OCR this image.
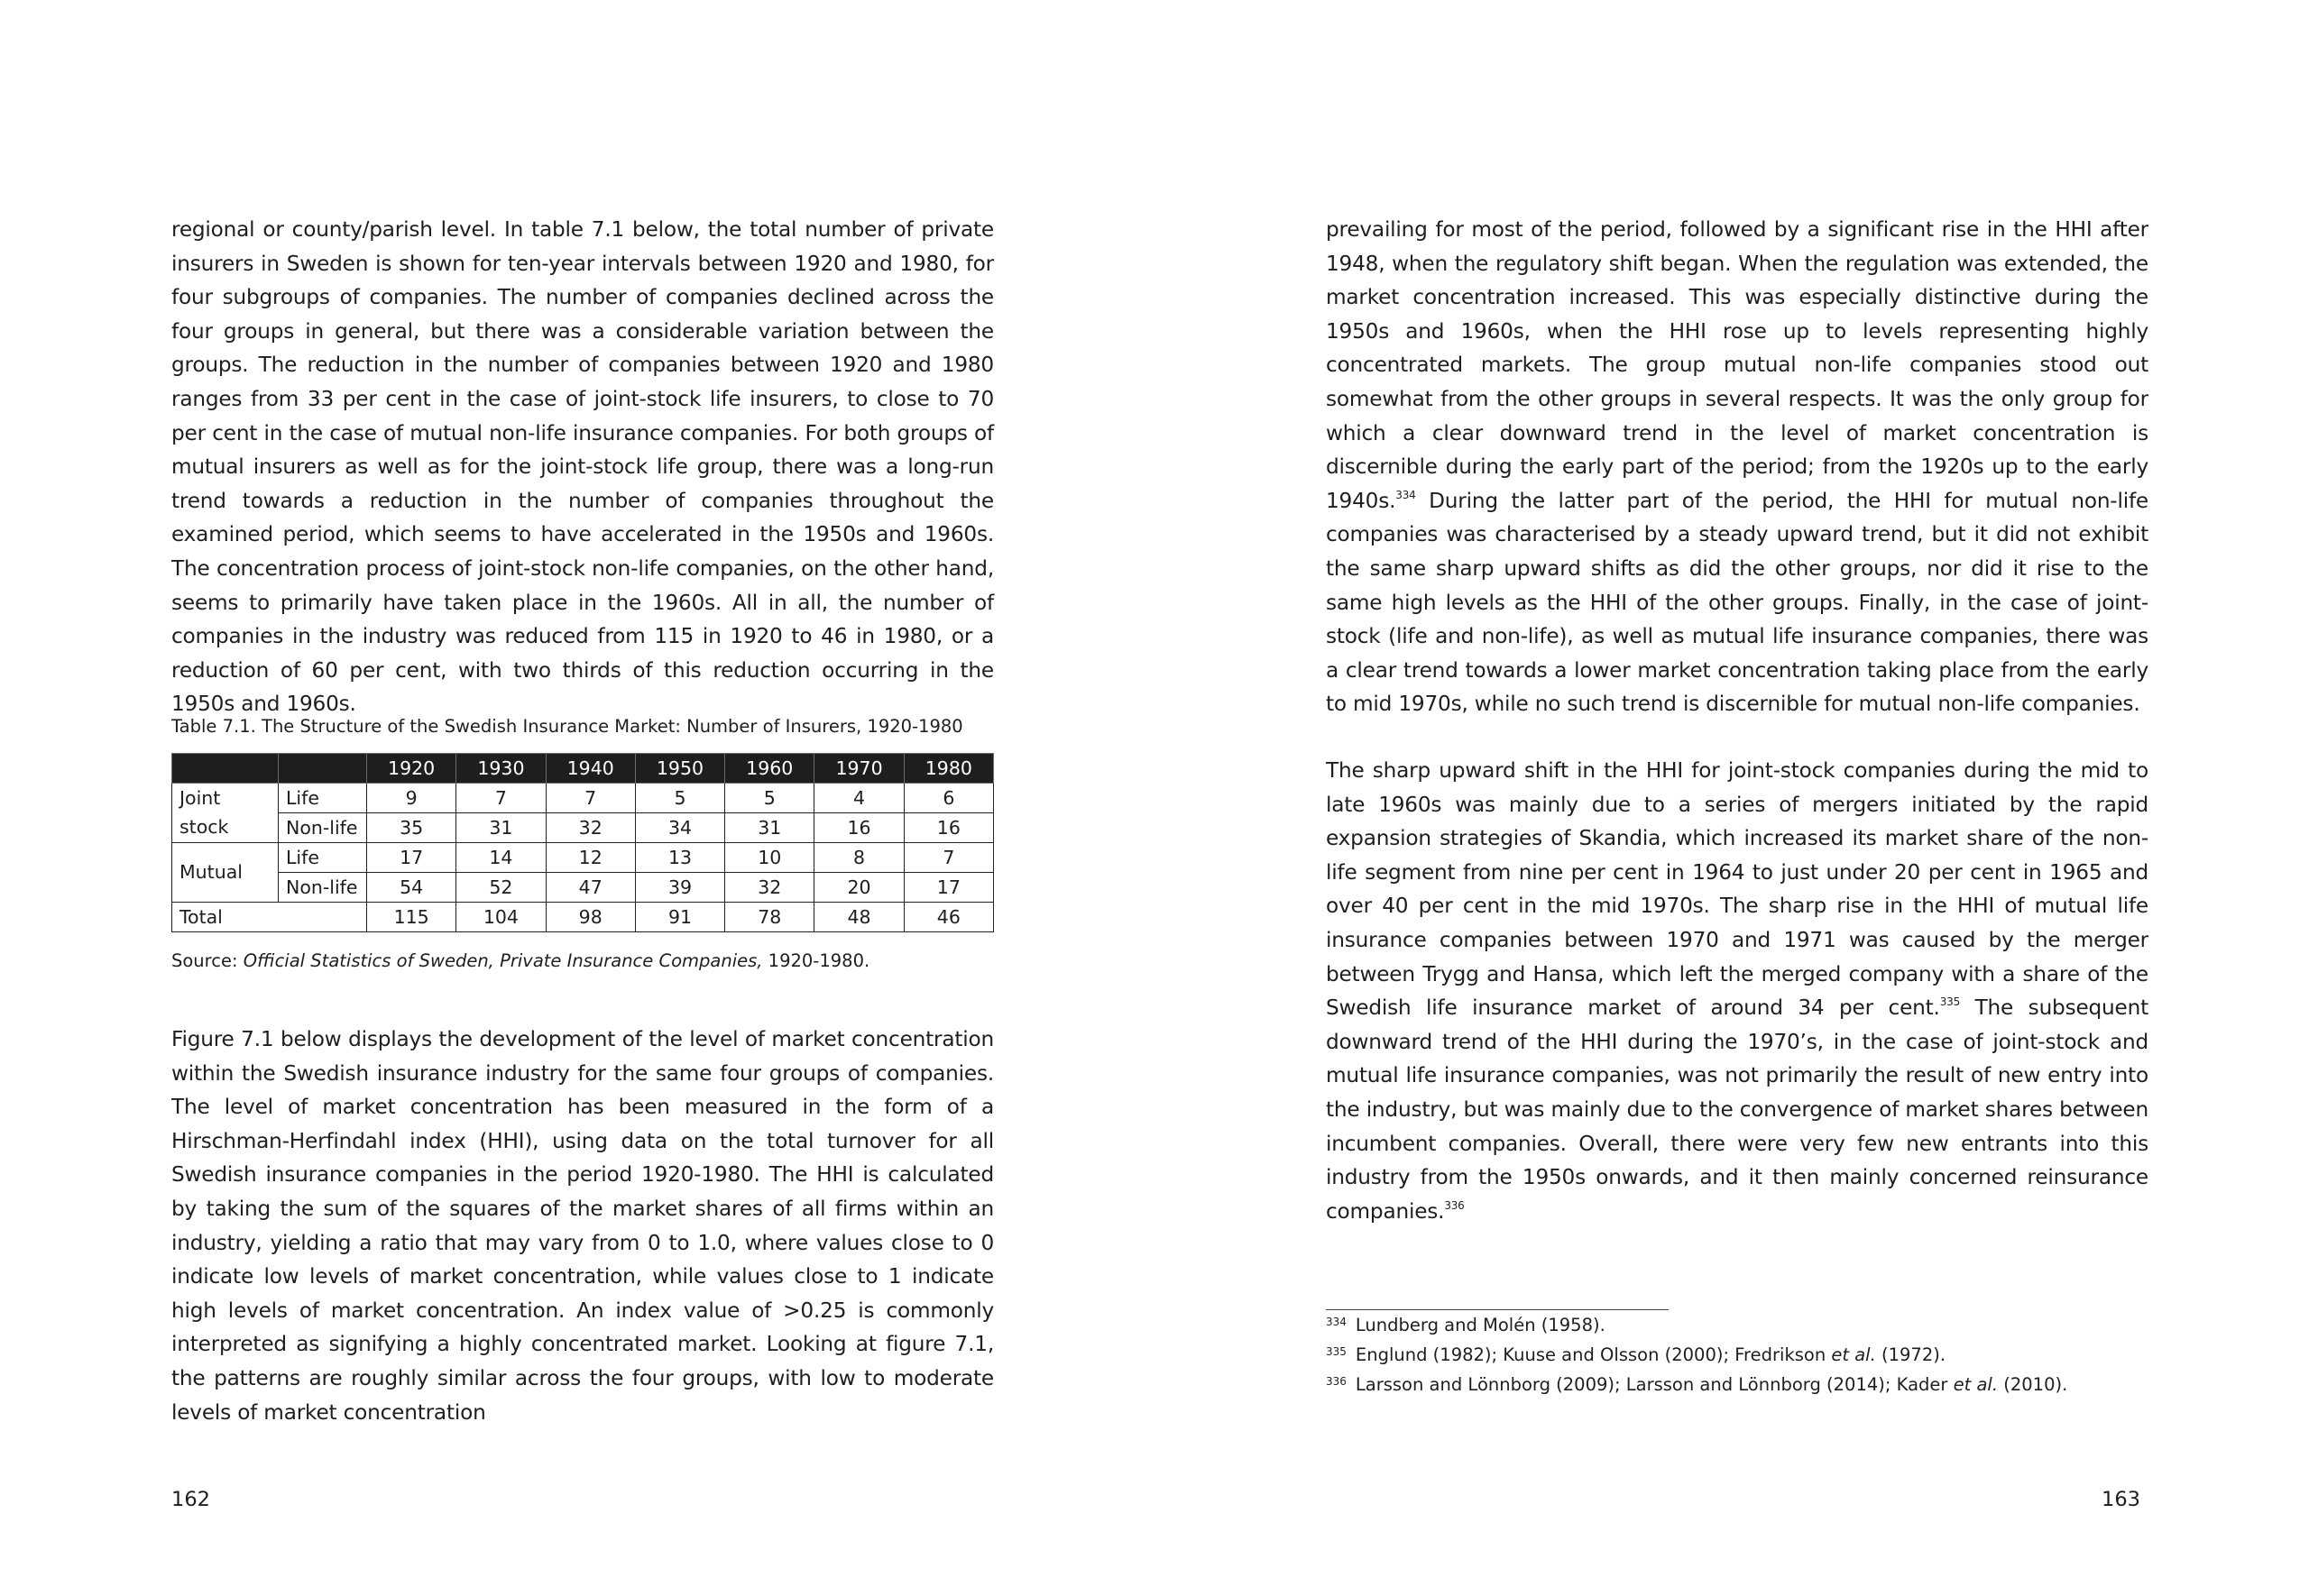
regional or county/parish level. In table 7.1 below, the total number of private insurers in Sweden is shown for ten-year intervals between 1920 and 1980, for four subgroups of companies. The number of companies declined across the four groups in general, but there was a considerable variation between the groups. The reduction in the number of companies between 1920 and 1980 ranges from 33 per cent in the case of joint-stock life insurers, to close to 70 per cent in the case of mutual non-life insurance companies. For both groups of mutual insurers as well as for the joint-stock life group, there was a long-run trend towards a reduction in the number of companies throughout the examined period, which seems to have accelerated in the 1950s and 1960s. The concentration process of joint-stock non-life companies, on the other hand, seems to primarily have taken place in the 1960s. All in all, the number of companies in the industry was reduced from 115 in 1920 to 46 in 1980, or a reduction of 60 per cent, with two thirds of this reduction occurring in the 1950s and 1960s.

Table 7.1. The Structure of the Swedish Insurance Market: Number of Insurers, 1920-1980

		1920	1930	1940	1950	1960	1970	1980
Joint	Life	9	7	7	5	5	4	6
stock	Non-life	35	31	32	34	31	16	16
Mutual	Life	17	14	12	13	10	8	7
	Non-life	54	52	47	39	32	20	17
Total		115	104	98	91	78	48	46

Source: Official Statistics of Sweden, Private Insurance Companies, 1920-1980.

Figure 7.1 below displays the development of the level of market concentration within the Swedish insurance industry for the same four groups of companies. The level of market concentration has been measured in the form of a Hirschman-Herfindahl index (HHI), using data on the total turnover for all Swedish insurance companies in the period 1920-1980. The HHI is calculated by taking the sum of the squares of the market shares of all firms within an industry, yielding a ratio that may vary from 0 to 1.0, where values close to 0 indicate low levels of market concentration, while values close to 1 indicate high levels of market concentration. An index value of >0.25 is commonly interpreted as signifying a highly concentrated market. Looking at figure 7.1, the patterns are roughly similar across the four groups, with low to moderate levels of market concentration

162

prevailing for most of the period, followed by a significant rise in the HHI after 1948, when the regulatory shift began. When the regulation was extended, the market concentration increased. This was especially distinctive during the 1950s and 1960s, when the HHI rose up to levels representing highly concentrated markets. The group mutual non-life companies stood out somewhat from the other groups in several respects. It was the only group for which a clear downward trend in the level of market concentration is discernible during the early part of the period; from the 1920s up to the early 1940s.$^{334}$ During the latter part of the period, the HHI for mutual non-life companies was characterised by a steady upward trend, but it did not exhibit the same sharp upward shifts as did the other groups, nor did it rise to the same high levels as the HHI of the other groups. Finally, in the case of joint-stock (life and non-life), as well as mutual life insurance companies, there was a clear trend towards a lower market concentration taking place from the early to mid 1970s, while no such trend is discernible for mutual non-life companies.

The sharp upward shift in the HHI for joint-stock companies during the mid to late 1960s was mainly due to a series of mergers initiated by the rapid expansion strategies of Skandia, which increased its market share of the non-life segment from nine per cent in 1964 to just under 20 per cent in 1965 and over 40 per cent in the mid 1970s. The sharp rise in the HHI of mutual life insurance companies between 1970 and 1971 was caused by the merger between Trygg and Hansa, which left the merged company with a share of the Swedish life insurance market of around 34 per cent.$^{335}$ The subsequent downward trend of the HHI during the 1970’s, in the case of joint-stock and mutual life insurance companies, was not primarily the result of new entry into the industry, but was mainly due to the convergence of market shares between incumbent companies. Overall, there were very few new entrants into this industry from the 1950s onwards, and it then mainly concerned reinsurance companies.$^{336}$

$^{334}$ Lundberg and Molén (1958).

$^{335}$ Englund (1982); Kuuse and Olsson (2000); Fredrikson et al. (1972).

$^{336}$ Larsson and Lönnborg (2009); Larsson and Lönnborg (2014); Kader et al. (2010).

163
